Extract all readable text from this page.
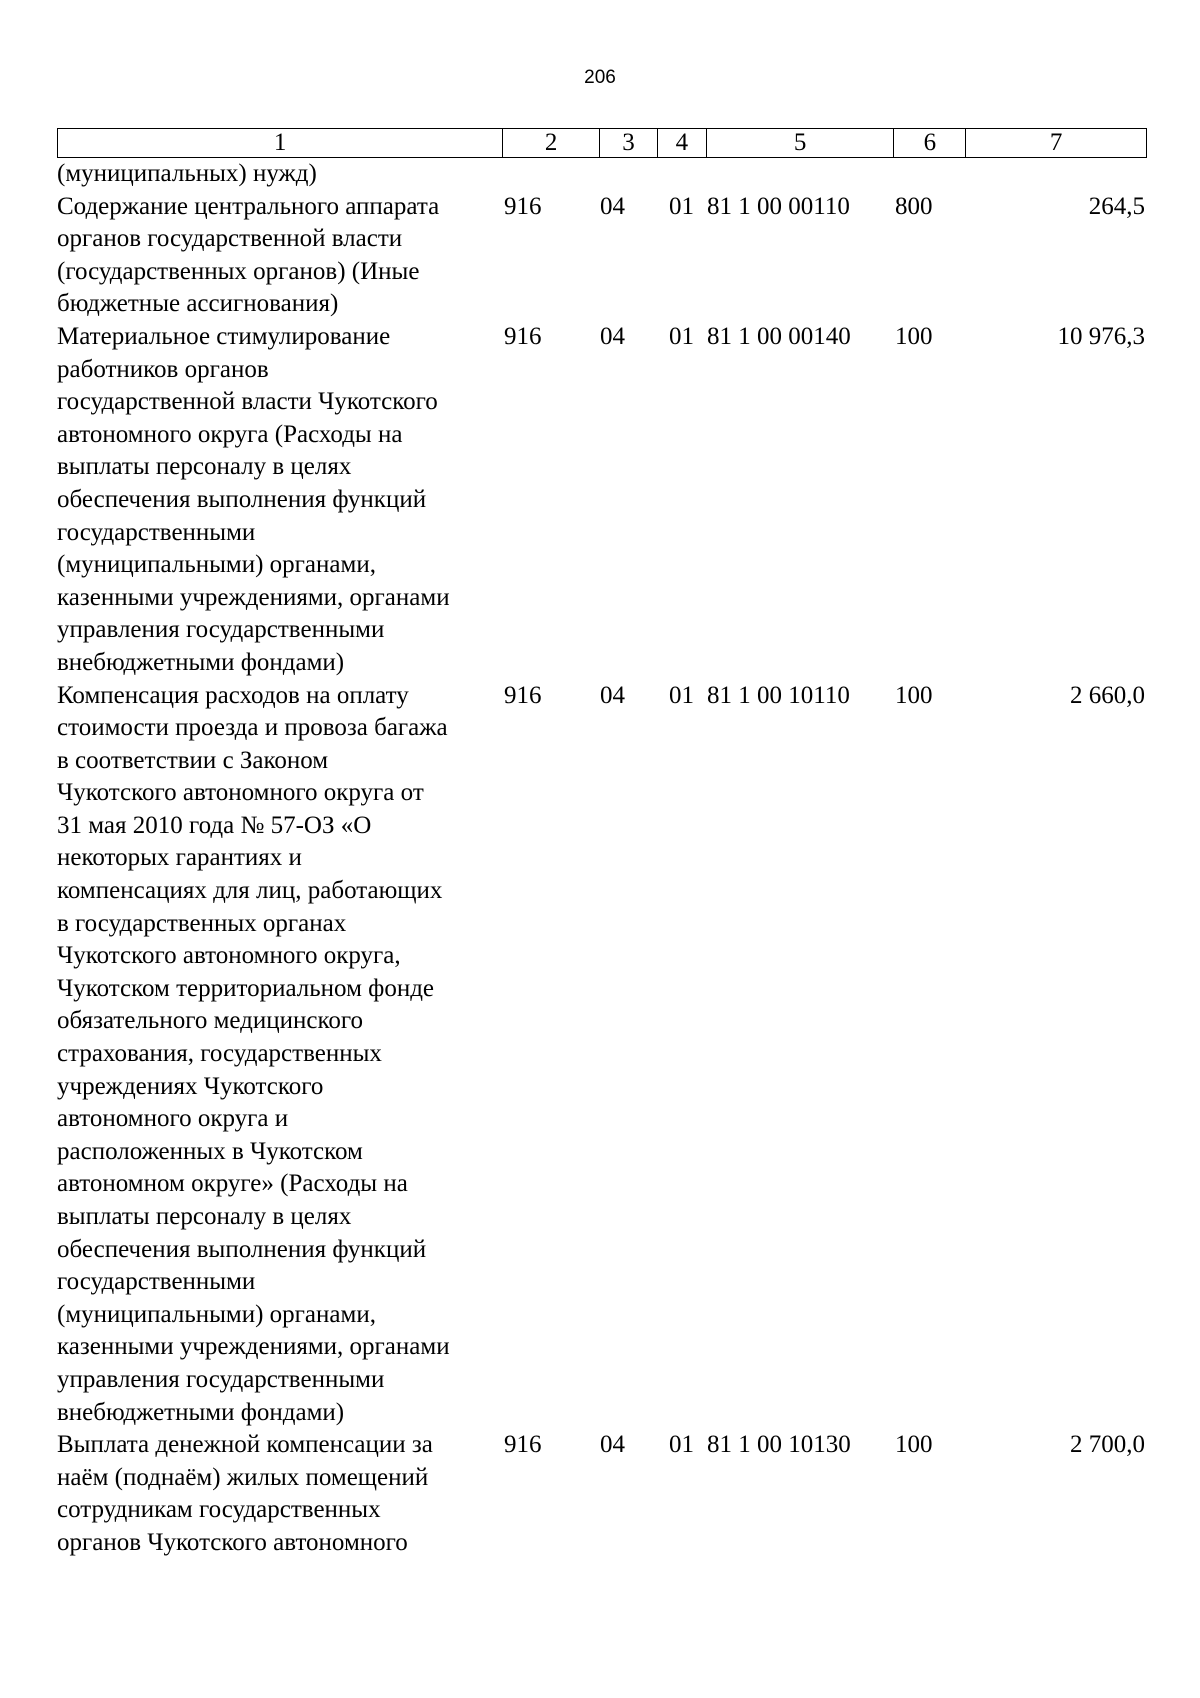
206
1	2	3	4	5	6	7
(муниципальных) нужд)
Содержание центрального аппарата
органов государственной власти
(государственных органов) (Иные
бюджетные ассигнования)
916	04	01 81 1 00 00110	800	264,5
Материальное стимулирование
работников органов
государственной власти Чукотского
автономного округа (Расходы на
выплаты персоналу в целях
обеспечения выполнения функций
государственными
(муниципальными) органами,
казенными учреждениями, органами
управления государственными
внебюджетными фондами)
916	04	01 81 1 00 00140	100	10 976,3
Компенсация расходов на оплату
стоимости проезда и провоза багажа
в соответствии с Законом
Чукотского автономного округа от
31 мая 2010 года № 57-ОЗ «О
некоторых гарантиях и
компенсациях для лиц, работающих
в государственных органах
Чукотского автономного округа,
Чукотском территориальном фонде
обязательного медицинского
страхования, государственных
учреждениях Чукотского
автономного округа и
расположенных в Чукотском
автономном округе» (Расходы на
выплаты персоналу в целях
обеспечения выполнения функций
государственными
(муниципальными) органами,
казенными учреждениями, органами
управления государственными
внебюджетными фондами)
916	04	01 81 1 00 10110	100	2 660,0
Выплата денежной компенсации за
наём (поднаём) жилых помещений
сотрудникам государственных
органов Чукотского автономного
916	04	01 81 1 00 10130	100	2 700,0
